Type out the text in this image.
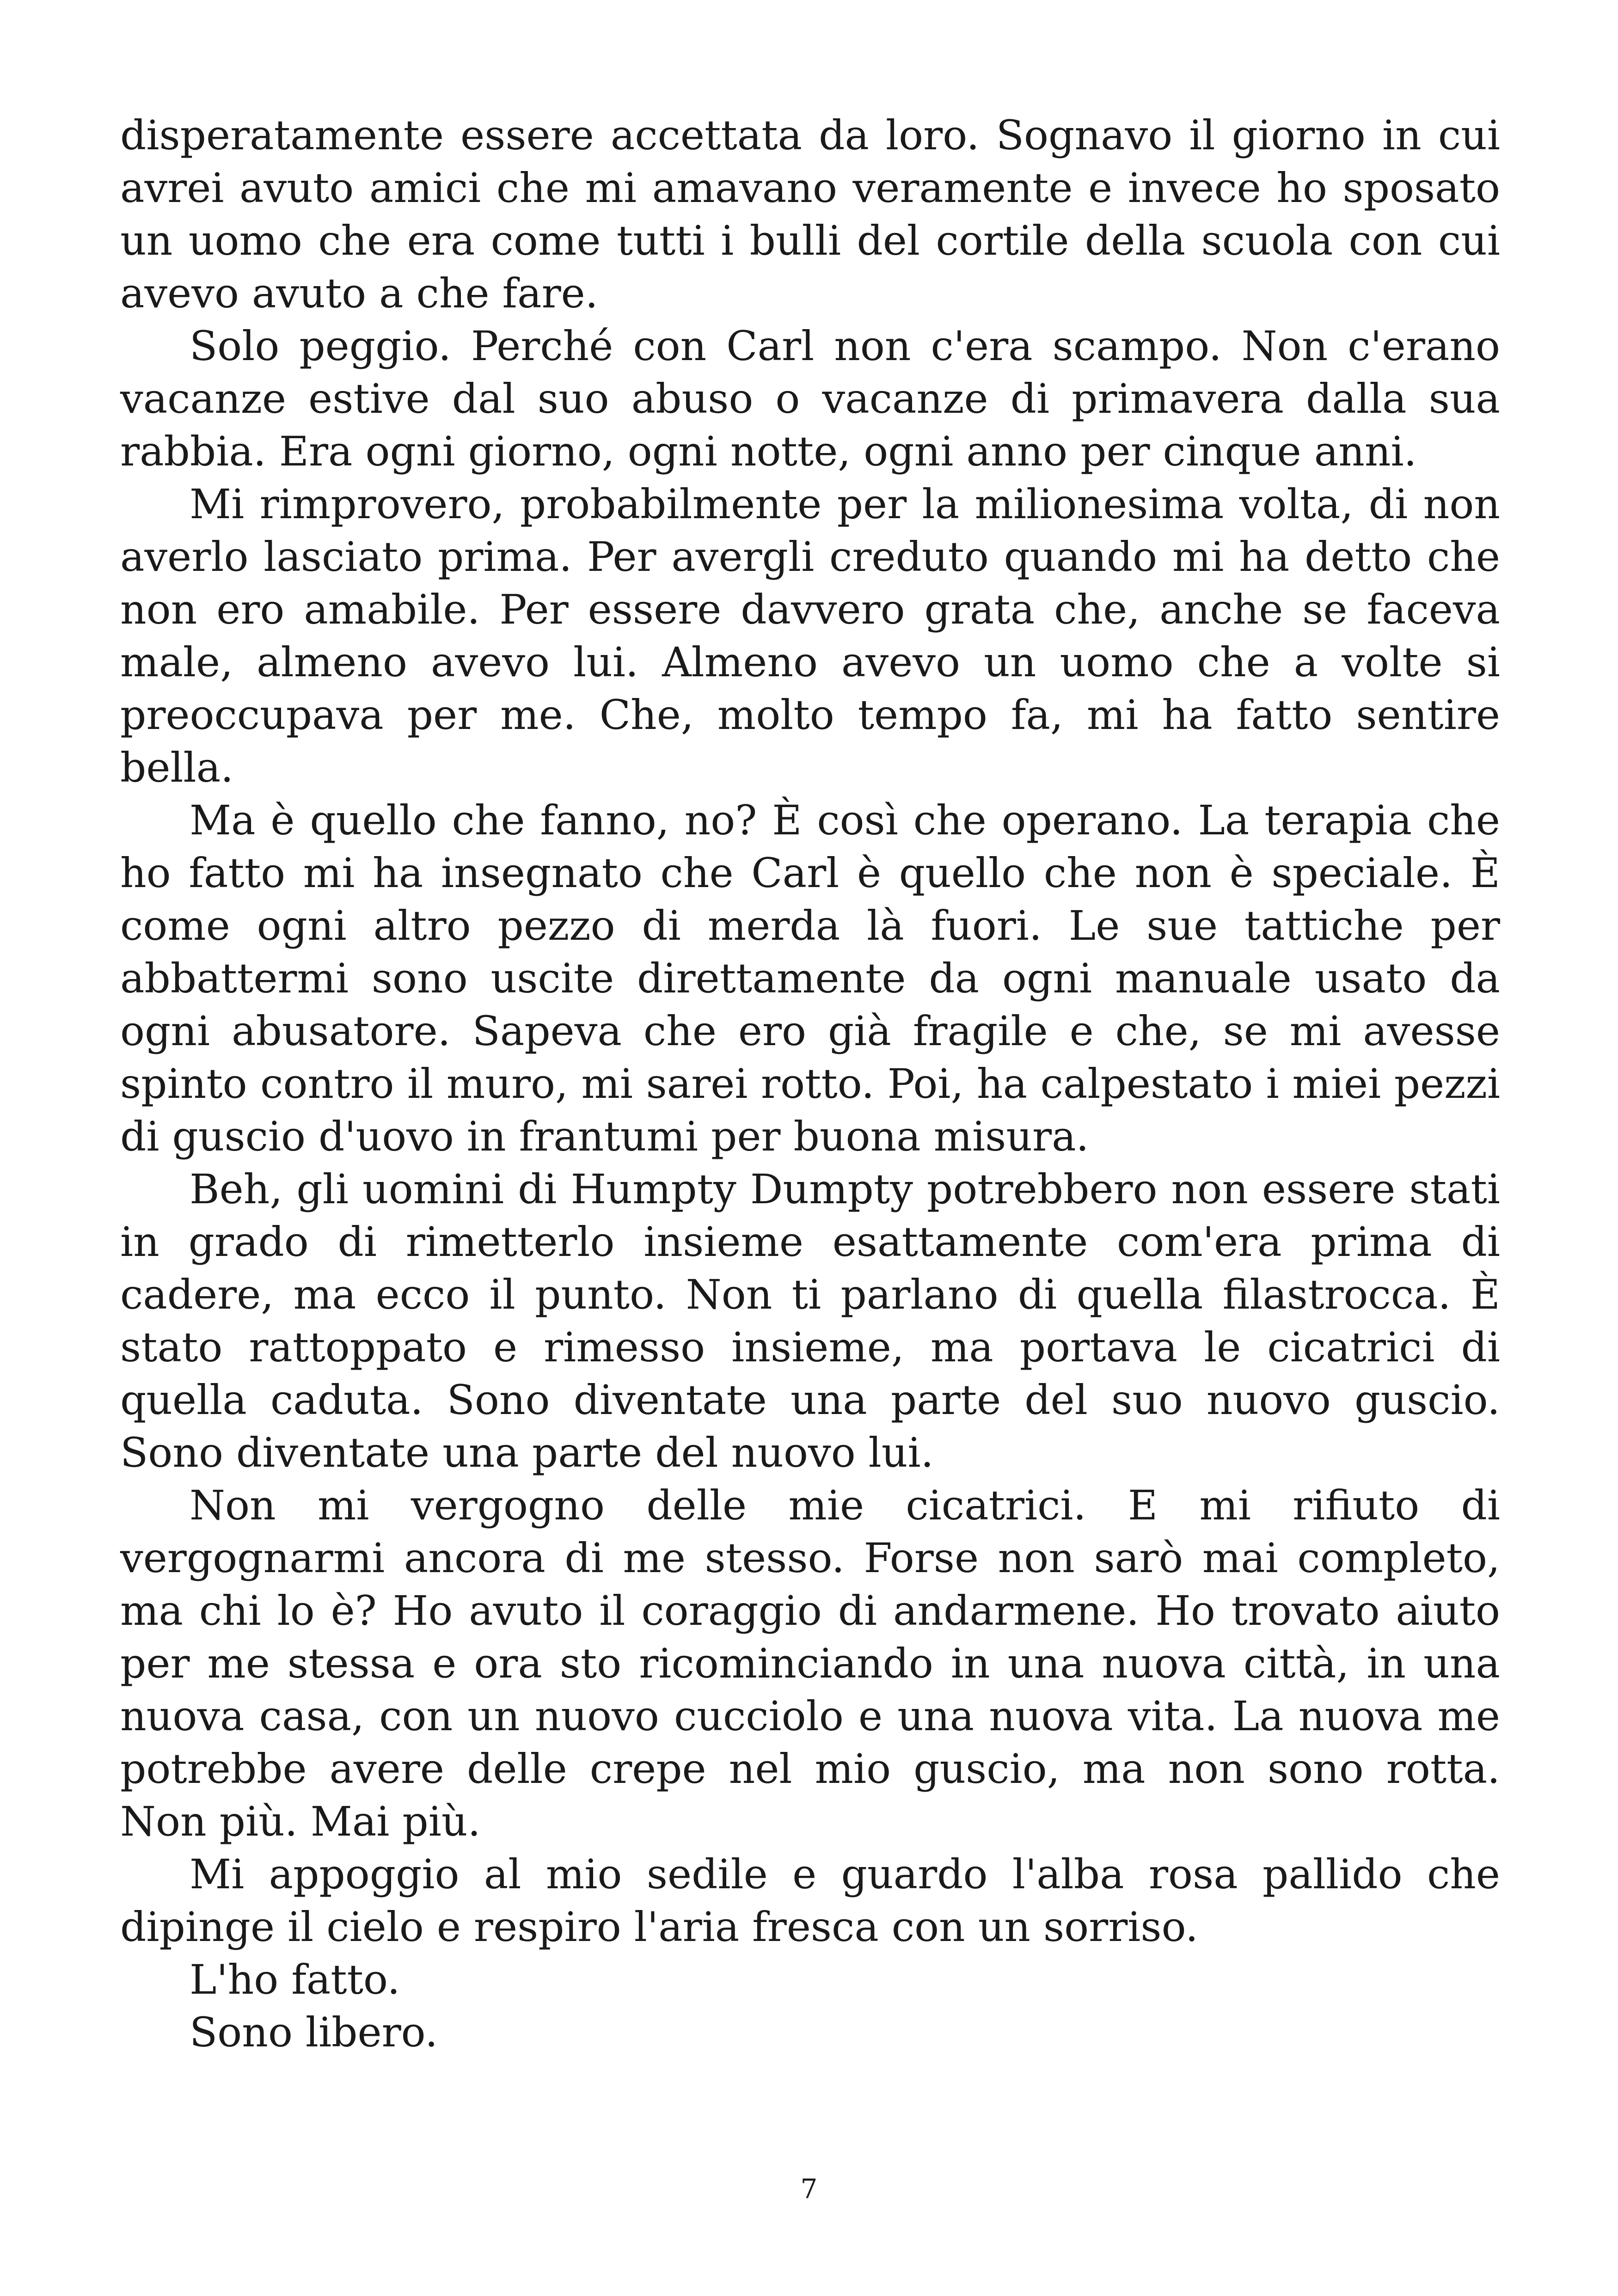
disperatamente essere accettata da loro. Sognavo il giorno in cui avrei avuto amici che mi amavano veramente e invece ho sposato un uomo che era come tutti i bulli del cortile della scuola con cui avevo avuto a che fare.

Solo peggio. Perché con Carl non c'era scampo. Non c'erano vacanze estive dal suo abuso o vacanze di primavera dalla sua rabbia. Era ogni giorno, ogni notte, ogni anno per cinque anni.

Mi rimprovero, probabilmente per la milionesima volta, di non averlo lasciato prima. Per avergli creduto quando mi ha detto che non ero amabile. Per essere davvero grata che, anche se faceva male, almeno avevo lui. Almeno avevo un uomo che a volte si preoccupava per me. Che, molto tempo fa, mi ha fatto sentire bella.

Ma è quello che fanno, no? È così che operano. La terapia che ho fatto mi ha insegnato che Carl è quello che non è speciale. È come ogni altro pezzo di merda là fuori. Le sue tattiche per abbattermi sono uscite direttamente da ogni manuale usato da ogni abusatore. Sapeva che ero già fragile e che, se mi avesse spinto contro il muro, mi sarei rotto. Poi, ha calpestato i miei pezzi di guscio d'uovo in frantumi per buona misura.

Beh, gli uomini di Humpty Dumpty potrebbero non essere stati in grado di rimetterlo insieme esattamente com'era prima di cadere, ma ecco il punto. Non ti parlano di quella filastrocca. È stato rattoppato e rimesso insieme, ma portava le cicatrici di quella caduta. Sono diventate una parte del suo nuovo guscio. Sono diventate una parte del nuovo lui.

Non mi vergogno delle mie cicatrici. E mi rifiuto di vergognarmi ancora di me stesso. Forse non sarò mai completo, ma chi lo è? Ho avuto il coraggio di andarmene. Ho trovato aiuto per me stessa e ora sto ricominciando in una nuova città, in una nuova casa, con un nuovo cucciolo e una nuova vita. La nuova me potrebbe avere delle crepe nel mio guscio, ma non sono rotta. Non più. Mai più.

Mi appoggio al mio sedile e guardo l'alba rosa pallido che dipinge il cielo e respiro l'aria fresca con un sorriso.

L'ho fatto.

Sono libero.

7
